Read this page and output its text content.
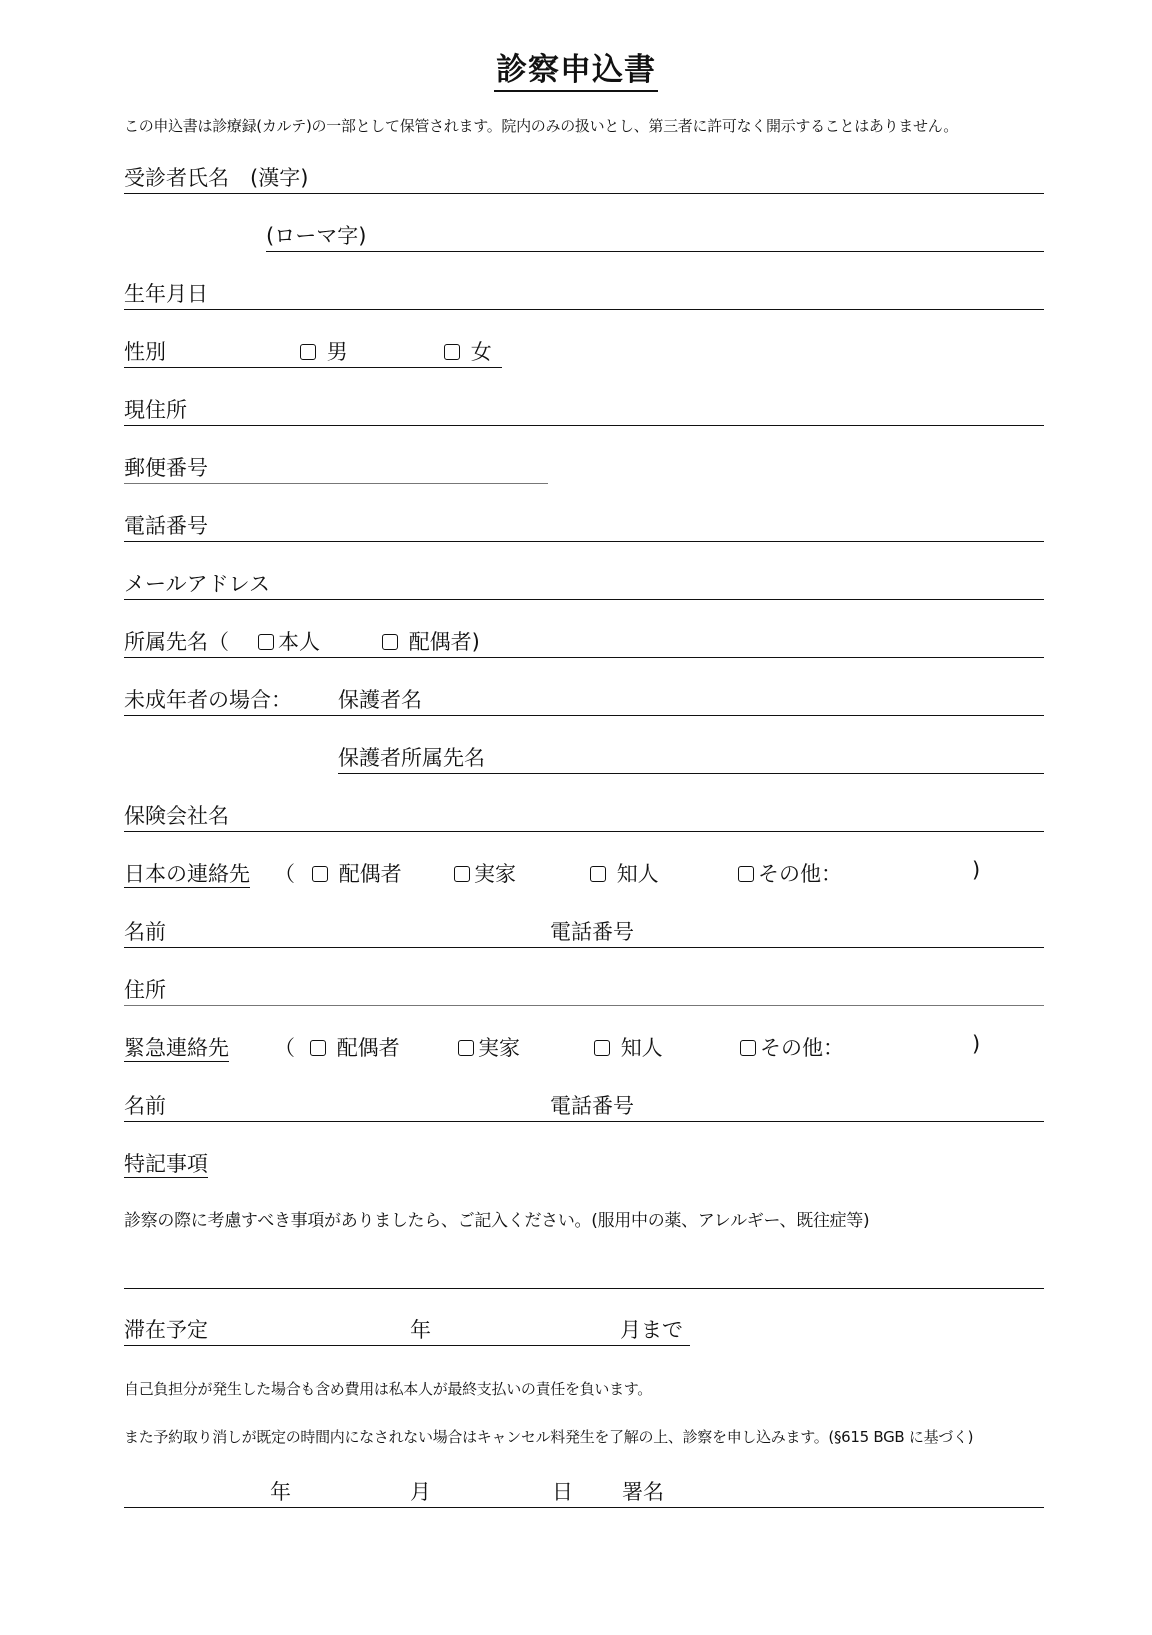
診察申込書
この申込書は診療録(カルテ)の一部として保管されます。院内のみの扱いとし、第三者に許可なく開示することはありません。
受診者氏名　(漢字)
(ローマ字)
生年月日
性別	男	女
現住所
郵便番号
電話番号
メールアドレス
所属先名（	本人	配偶者)
未成年者の場合： 保護者名
保護者所属先名
保険会社名
日本の連絡先 （	配偶者	実家	知人	その他：	)
名前	電話番号
住所
緊急連絡先 （	配偶者	実家	知人	その他：	)
名前	電話番号
特記事項
診察の際に考慮すべき事項がありましたら、ご記入ください。(服用中の薬、アレルギー、既往症等)
滞在予定	年	月まで
自己負担分が発生した場合も含め費用は私本人が最終支払いの責任を負います。
また予約取り消しが既定の時間内になされない場合はキャンセル料発生を了解の上、診察を申し込みます。(§615 BGB に基づく)
年	月	日 署名
